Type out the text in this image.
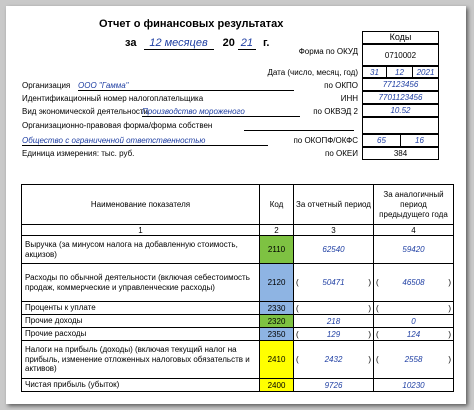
Отчет о финансовых результатах
за 12 месяцев 20 21 г.	Коды
Форма по ОКУД	0710002
Дата (число, месяц, год)	31	12	2021
Организация ООО "Гамма"	по ОКПО	77123456
Идентификационный номер налогоплательщика	ИНН	7701123456
Вид экономической деятельности
Производство мороженого	по ОКВЭД 2	10.52
Организационно-правовая форма/форма собствен
Общество с ограниченной ответственностью	по ОКОПФ/ОКФС	65	16
Единица измерения: тыс. руб.	по ОКЕИ	384
Наименование показателя	Код	За отчетный период	За аналогичный период предыдущего года
1	2	3	4
Выручка (за минусом налога на добавленную стоимость, акцизов)	2110	62540	59420

Расходы по обычной деятельности (включая себестоимость продаж, коммерческие и управленческие расходы)	2120	( 50471 )	( 46508 )

Проценты к уплате	2330	( )	( )

Прочие доходы	2320	218	0

Прочие расходы	2350	( 129 )	( 124 )

Налоги на прибыль (доходы) (включая текущий налог на прибыль, изменение отложенных налоговых обязательств и активов)	2410	( 2432 )	( 2558 )

Чистая прибыль (убыток)	2400	9726	10230
